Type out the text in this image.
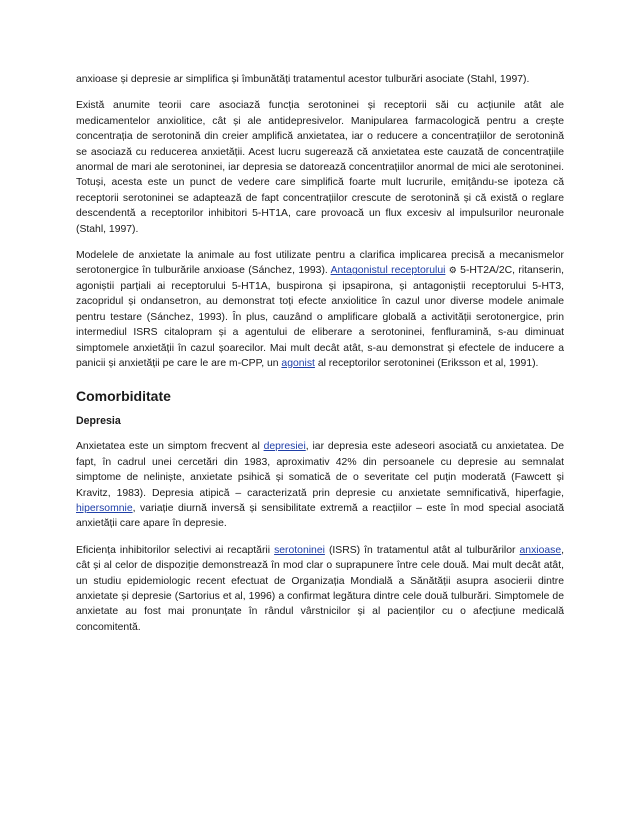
anxioase și depresie ar simplifica și îmbunătăți tratamentul acestor tulburări asociate (Stahl, 1997).

Există anumite teorii care asociază funcția serotoninei și receptorii săi cu acțiunile atât ale medicamentelor anxiolitice, cât și ale antidepresivelor. Manipularea farmacologică pentru a crește concentrația de serotonină din creier amplifică anxietatea, iar o reducere a concentrațiilor de serotonină se asociază cu reducerea anxietății. Acest lucru sugerează că anxietatea este cauzată de concentrațiile anormal de mari ale serotoninei, iar depresia se datorează concentrațiilor anormal de mici ale serotoninei. Totuși, acesta este un punct de vedere care simplifică foarte mult lucrurile, emițându-se ipoteza că receptorii serotoninei se adaptează de fapt concentrațiilor crescute de serotonină și că există o reglare descendentă a receptorilor inhibitori 5-HT1A, care provoacă un flux excesiv al impulsurilor neuronale (Stahl, 1997).

Modelele de anxietate la animale au fost utilizate pentru a clarifica implicarea precisă a mecanismelor serotonergice în tulburările anxioase (Sánchez, 1993). Antagonistul receptorului ⚙ 5-HT2A/2C, ritanserin, agoniștii parțiali ai receptorului 5-HT1A, buspirona și ipsapirona, și antagoniștii receptorului 5-HT3, zacopridul și ondansetron, au demonstrat toți efecte anxiolitice în cazul unor diverse modele animale pentru testare (Sánchez, 1993). În plus, cauzând o amplificare globală a activității serotonergice, prin intermediul ISRS citalopram și a agentului de eliberare a serotoninei, fenfluramină, s-au diminuat simptomele anxietății în cazul șoarecilor. Mai mult decât atât, s-au demonstrat și efectele de inducere a panicii și anxietății pe care le are m-CPP, un agonist al receptorilor serotoninei (Eriksson et al, 1991).

Comorbiditate
Depresia

Anxietatea este un simptom frecvent al depresiei, iar depresia este adeseori asociată cu anxietatea. De fapt, în cadrul unei cercetări din 1983, aproximativ 42% din persoanele cu depresie au semnalat simptome de neliniște, anxietate psihică și somatică de o severitate cel puțin moderată (Fawcett și Kravitz, 1983). Depresia atipică – caracterizată prin depresie cu anxietate semnificativă, hiperfagie, hipersomnie, variație diurnă inversă și sensibilitate extremă a reacțiilor – este în mod special asociată anxietății care apare în depresie.

Eficiența inhibitorilor selectivi ai recaptării serotoninei (ISRS) în tratamentul atât al tulburărilor anxioase, cât și al celor de dispoziție demonstrează în mod clar o suprapunere între cele două. Mai mult decât atât, un studiu epidemiologic recent efectuat de Organizația Mondială a Sănătății asupra asocierii dintre anxietate și depresie (Sartorius et al, 1996) a confirmat legătura dintre cele două tulburări. Simptomele de anxietate au fost mai pronunțate în rândul vârstnicilor și al pacienților cu o afecțiune medicală concomitentă.
